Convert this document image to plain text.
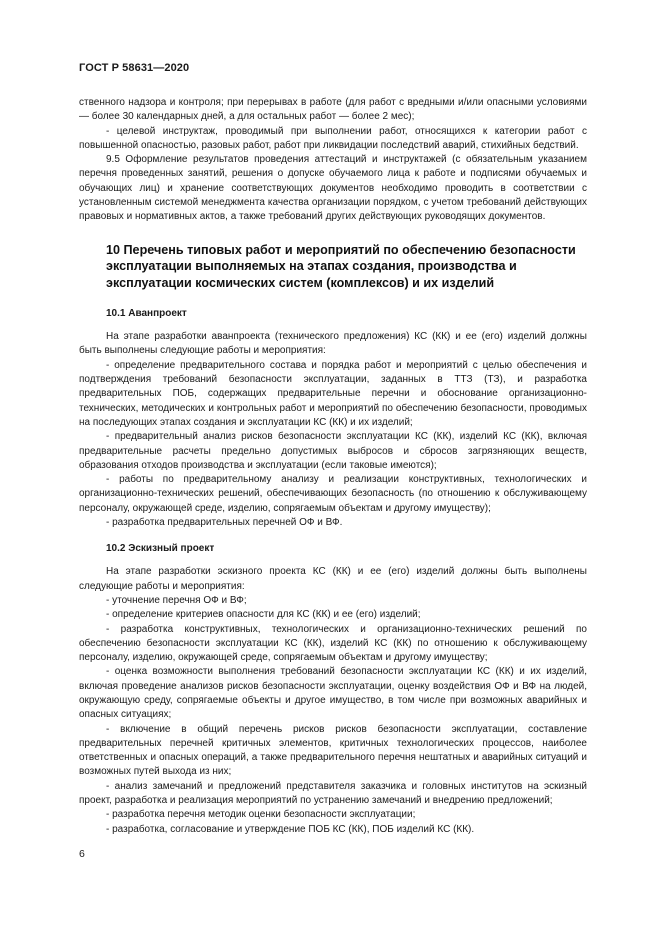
ГОСТ Р 58631—2020

ственного надзора и контроля; при перерывах в работе (для работ с вредными и/или опасными условиями — более 30 календарных дней, а для остальных работ — более 2 мес);

- целевой инструктаж, проводимый при выполнении работ, относящихся к категории работ с повышенной опасностью, разовых работ, работ при ликвидации последствий аварий, стихийных бедствий.

9.5 Оформление результатов проведения аттестаций и инструктажей (с обязательным указанием перечня проведенных занятий, решения о допуске обучаемого лица к работе и подписями обучаемых и обучающих лиц) и хранение соответствующих документов необходимо проводить в соответствии с установленным системой менеджмента качества организации порядком, с учетом требований действующих правовых и нормативных актов, а также требований других действующих руководящих документов.

10 Перечень типовых работ и мероприятий по обеспечению безопасности эксплуатации выполняемых на этапах создания, производства и эксплуатации космических систем (комплексов) и их изделий
10.1 Аванпроект

На этапе разработки аванпроекта (технического предложения) КС (КК) и ее (его) изделий должны быть выполнены следующие работы и мероприятия:

- определение предварительного состава и порядка работ и мероприятий с целью обеспечения и подтверждения требований безопасности эксплуатации, заданных в ТТЗ (ТЗ), и разработка предварительных ПОБ, содержащих предварительные перечни и обоснование организационно-технических, методических и контрольных работ и мероприятий по обеспечению безопасности, проводимых на последующих этапах создания и эксплуатации КС (КК) и их изделий;

- предварительный анализ рисков безопасности эксплуатации КС (КК), изделий КС (КК), включая предварительные расчеты предельно допустимых выбросов и сбросов загрязняющих веществ, образования отходов производства и эксплуатации (если таковые имеются);

- работы по предварительному анализу и реализации конструктивных, технологических и организационно-технических решений, обеспечивающих безопасность (по отношению к обслуживающему персоналу, окружающей среде, изделию, сопрягаемым объектам и другому имуществу);

- разработка предварительных перечней ОФ и ВФ.

10.2 Эскизный проект

На этапе разработки эскизного проекта КС (КК) и ее (его) изделий должны быть выполнены следующие работы и мероприятия:

- уточнение перечня ОФ и ВФ;

- определение критериев опасности для КС (КК) и ее (его) изделий;

- разработка конструктивных, технологических и организационно-технических решений по обеспечению безопасности эксплуатации КС (КК), изделий КС (КК) по отношению к обслуживающему персоналу, изделию, окружающей среде, сопрягаемым объектам и другому имуществу;

- оценка возможности выполнения требований безопасности эксплуатации КС (КК) и их изделий, включая проведение анализов рисков безопасности эксплуатации, оценку воздействия ОФ и ВФ на людей, окружающую среду, сопрягаемые объекты и другое имущество, в том числе при возможных аварийных и опасных ситуациях;

- включение в общий перечень рисков рисков безопасности эксплуатации, составление предварительных перечней критичных элементов, критичных технологических процессов, наиболее ответственных и опасных операций, а также предварительного перечня нештатных и аварийных ситуаций и возможных путей выхода из них;

- анализ замечаний и предложений представителя заказчика и головных институтов на эскизный проект, разработка и реализация мероприятий по устранению замечаний и внедрению предложений;

- разработка перечня методик оценки безопасности эксплуатации;

- разработка, согласование и утверждение ПОБ КС (КК), ПОБ изделий КС (КК).

6
